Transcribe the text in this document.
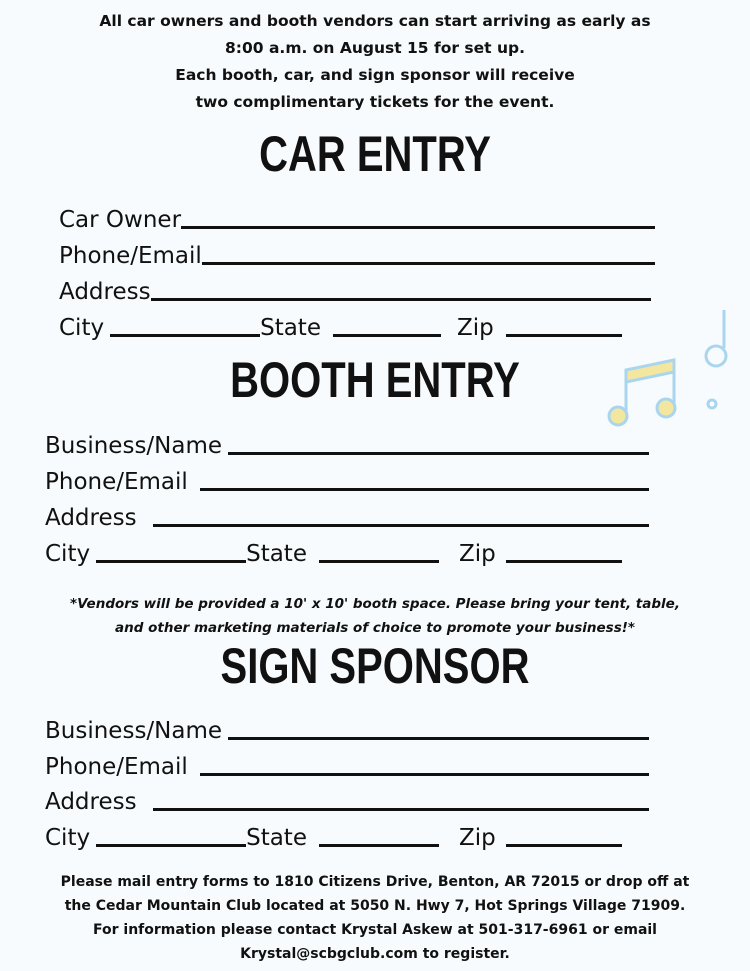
All car owners and booth vendors can start arriving as early as
8:00 a.m. on August 15 for set up.
Each booth, car, and sign sponsor will receive
two complimentary tickets for the event.
CAR ENTRY
Car Owner
Phone/Email
Address
City	State	Zip
BOOTH ENTRY
Business/Name
Phone/Email
Address
City	State	Zip
*Vendors will be provided a 10' x 10' booth space. Please bring your tent, table,
and other marketing materials of choice to promote your business!*
SIGN SPONSOR
Business/Name
Phone/Email
Address
City	State	Zip
Please mail entry forms to 1810 Citizens Drive, Benton, AR 72015 or drop off at
the Cedar Mountain Club located at 5050 N. Hwy 7, Hot Springs Village 71909.
For information please contact Krystal Askew at 501-317-6961 or email
Krystal@scbgclub.com to register.
